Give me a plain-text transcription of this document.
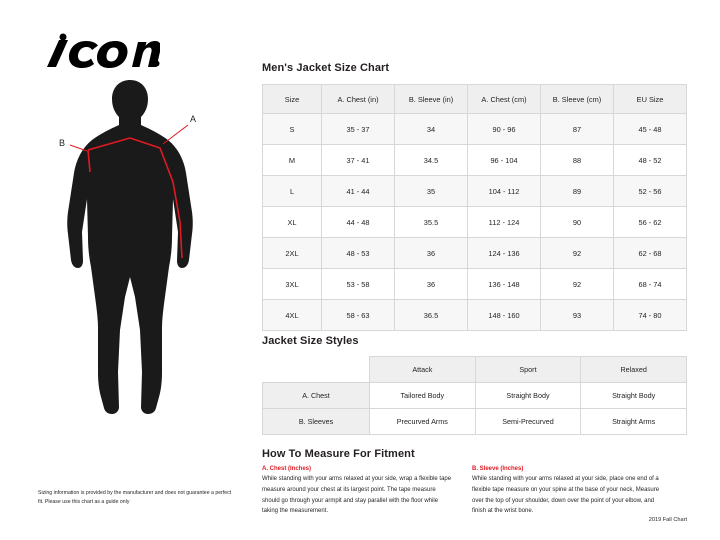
A
B
Sizing information is provided by the manufacturer and does not guarantee a perfect fit. Please use this chart as a guide only
Men's Jacket Size Chart
Size	A. Chest (in)	B. Sleeve (in)	A. Chest (cm)	B. Sleeve (cm)	EU Size
S	35 - 37	34	90 - 96	87	45 - 48
M	37 - 41	34.5	96 - 104	88	48 - 52
L	41 - 44	35	104 - 112	89	52 - 56
XL	44 - 48	35.5	112 - 124	90	56 - 62
2XL	48 - 53	36	124 - 136	92	62 - 68
3XL	53 - 58	36	136 - 148	92	68 - 74
4XL	58 - 63	36.5	148 - 160	93	74 - 80
Jacket Size Styles
	Attack	Sport	Relaxed
A. Chest	Tailored Body	Straight Body	Straight Body
B. Sleeves	Precurved Arms	Semi-Precurved	Straight Arms
How To Measure For Fitment
A. Chest (Inches)
While standing with your arms relaxed at your side, wrap a flexible tape measure around your chest at its largest point. The tape measure should go through your armpit and stay parallel with the floor while taking the measurement.
B. Sleeve (Inches)
While standing with your arms relaxed at your side, place one end of a flexible tape measure on your spine at the base of your neck, Measure over the top of your shoulder, down over the point of your elbow, and finish at the wrist bone.
2019 Fall Chart
